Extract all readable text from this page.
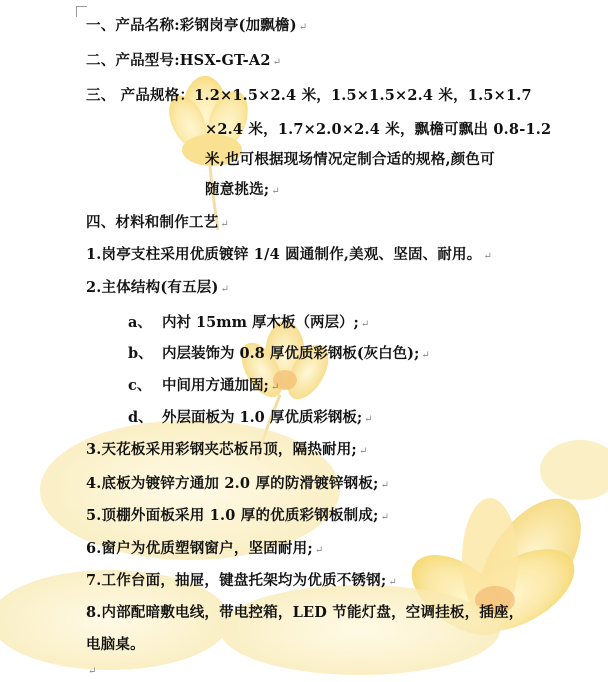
一、产品名称:彩钢岗亭(加飘檐) ↵
二、产品型号:HSX-GT-A2 ↵
三、 产品规格：1.2×1.5×2.4 米，1.5×1.5×2.4 米，1.5×1.7
×2.4 米，1.7×2.0×2.4 米，飘檐可飘出 0.8-1.2
米,也可根据现场情况定制合适的规格,颜色可
随意挑选; ↵
四、材料和制作工艺 ↵
1.岗亭支柱采用优质镀锌 1/4 圆通制作,美观、坚固、耐用。 ↵
2.主体结构(有五层) ↵
a、 内衬 15mm 厚木板（两层）; ↵
b、 内层装饰为 0.8 厚优质彩钢板(灰白色); ↵
c、 中间用方通加固; ↵
d、 外层面板为 1.0 厚优质彩钢板; ↵
3.天花板采用彩钢夹芯板吊顶，隔热耐用; ↵
4.底板为镀锌方通加 2.0 厚的防滑镀锌钢板; ↵
5.顶棚外面板采用 1.0 厚的优质彩钢板制成; ↵
6.窗户为优质塑钢窗户，坚固耐用; ↵
7.工作台面，抽屉，键盘托架均为优质不锈钢; ↵
8.内部配暗敷电线，带电控箱，LED 节能灯盘，空调挂板，插座，
电脑桌。
↵
